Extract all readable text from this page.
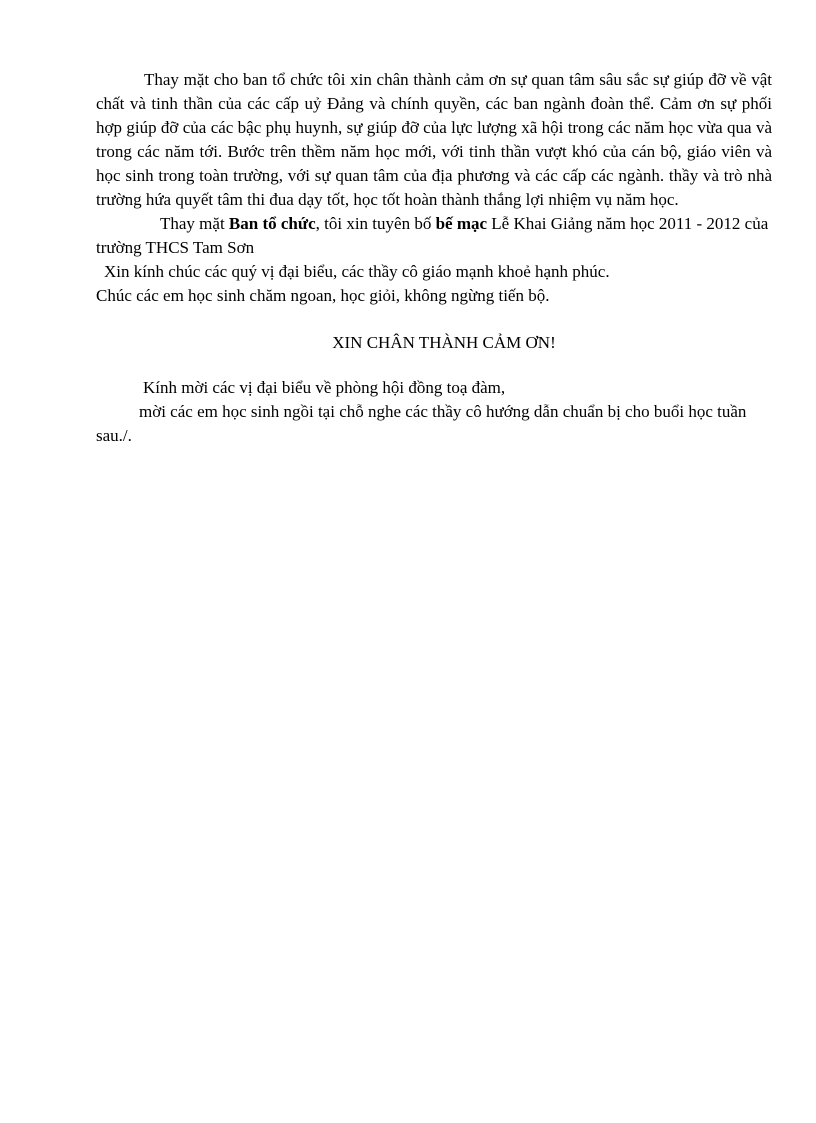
Thay mặt cho ban tổ chức tôi xin chân thành cảm ơn sự quan tâm sâu sắc sự giúp đỡ về vật chất và tinh thần của các cấp uỷ Đảng và chính quyền, các ban ngành đoàn thể. Cảm ơn sự phối hợp giúp đỡ của các bậc phụ huynh, sự giúp đỡ của lực lượng xã hội trong các năm học vừa qua và trong các năm tới. Bước trên thềm năm học mới, với tinh thần vượt khó của cán bộ, giáo viên và học sinh trong toàn trường, với sự quan tâm của địa phương và các cấp các ngành. thầy và trò nhà trường hứa quyết tâm thi đua dạy tốt, học tốt hoàn thành thắng lợi nhiệm vụ năm học.

Thay mặt Ban tổ chức, tôi xin tuyên bố bế mạc Lễ Khai Giảng năm học 2011 - 2012 của trường THCS Tam Sơn

Xin kính chúc các quý vị đại biểu, các thầy cô giáo mạnh khoẻ hạnh phúc.

Chúc các em học sinh chăm ngoan, học giỏi, không ngừng tiến bộ.

XIN CHÂN THÀNH CẢM ƠN!

Kính mời các vị đại biểu về phòng hội đồng toạ đàm,

mời các em học sinh ngồi tại chỗ nghe các thầy cô hướng dẫn chuẩn bị cho buổi học tuần sau./.
